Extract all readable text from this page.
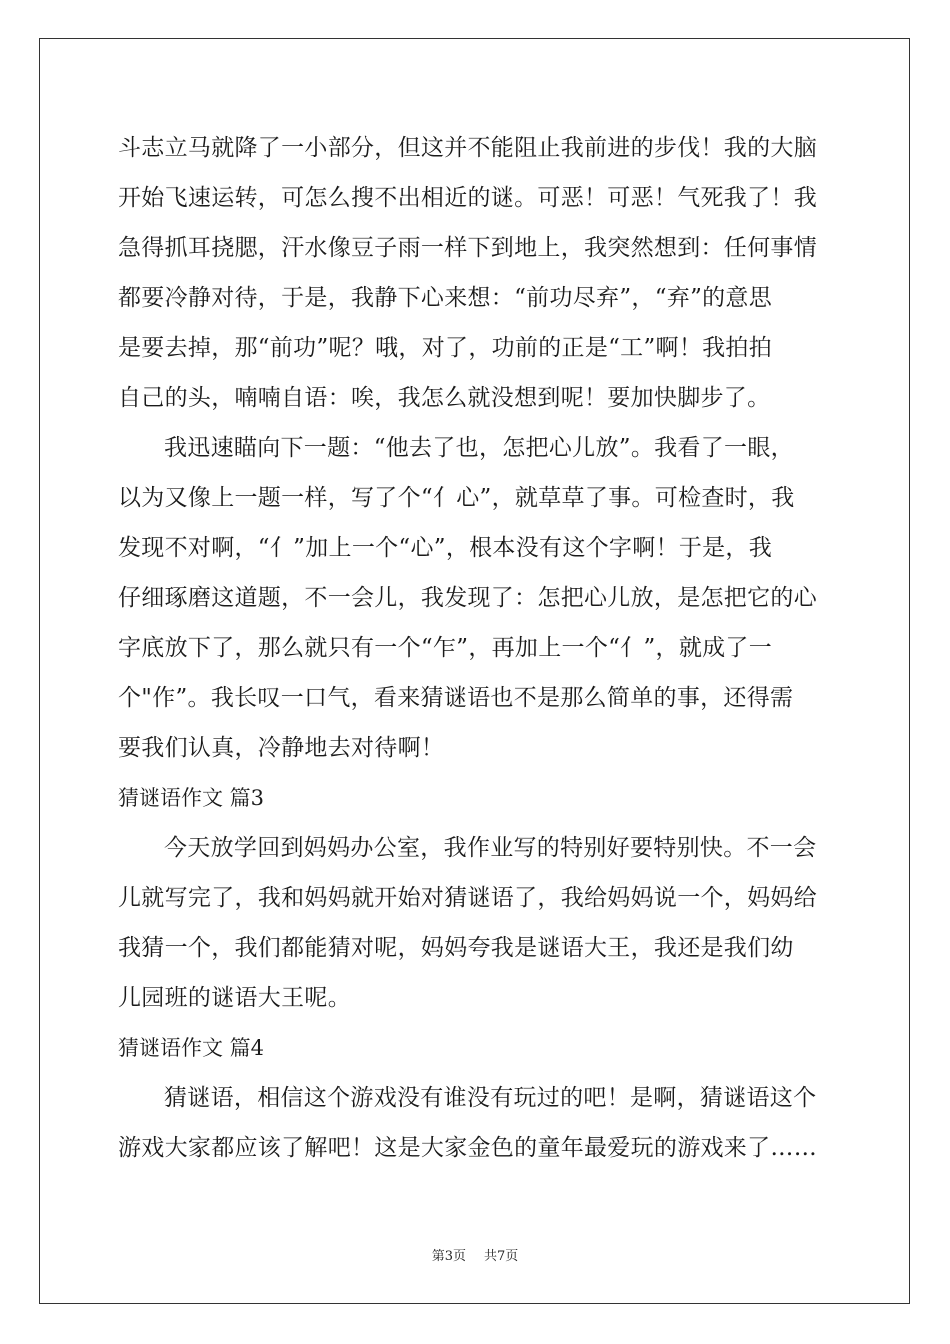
斗志立马就降了一小部分，但这并不能阻止我前进的步伐！我的大脑
开始飞速运转，可怎么搜不出相近的谜。可恶！可恶！气死我了！我
急得抓耳挠腮，汗水像豆子雨一样下到地上，我突然想到：任何事情
都要冷静对待，于是，我静下心来想：“前功尽弃”，“弃”的意思
是要去掉，那“前功”呢？哦，对了，功前的正是“工”啊！我拍拍
自己的头，喃喃自语：唉，我怎么就没想到呢！要加快脚步了。
我迅速瞄向下一题：“他去了也，怎把心儿放”。我看了一眼，
以为又像上一题一样，写了个“亻心”，就草草了事。可检查时，我
发现不对啊，“亻”加上一个“心”，根本没有这个字啊！于是，我
仔细琢磨这道题，不一会儿，我发现了：怎把心儿放，是怎把它的心
字底放下了，那么就只有一个“乍”，再加上一个“亻”，就成了一
个"作”。我长叹一口气，看来猜谜语也不是那么简单的事，还得需
要我们认真，冷静地去对待啊！
猜谜语作文 篇3
今天放学回到妈妈办公室，我作业写的特别好要特别快。不一会
儿就写完了，我和妈妈就开始对猜谜语了，我给妈妈说一个，妈妈给
我猜一个，我们都能猜对呢，妈妈夸我是谜语大王，我还是我们幼
儿园班的谜语大王呢。
猜谜语作文 篇4
猜谜语，相信这个游戏没有谁没有玩过的吧！是啊，猜谜语这个
游戏大家都应该了解吧！这是大家金色的童年最爱玩的游戏来了……
第3页 共7页
